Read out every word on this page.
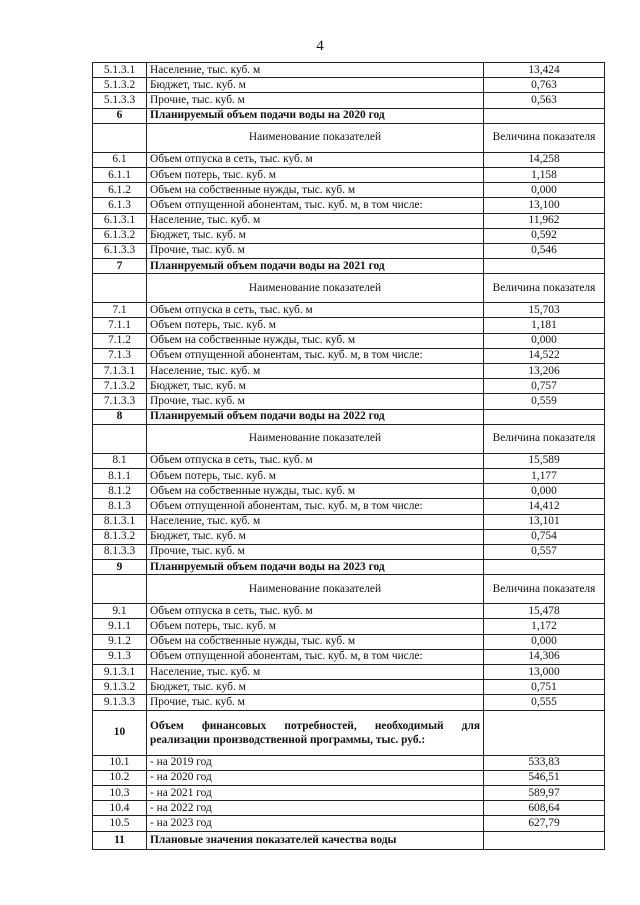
4
5.1.3.1	Население, тыс. куб. м	13,424
5.1.3.2	Бюджет, тыс. куб. м	0,763
5.1.3.3	Прочие, тыс. куб. м	0,563
6	Планируемый объем подачи воды на 2020 год	
	Наименование показателей	Величина показателя
6.1	Объем отпуска в сеть, тыс. куб. м	14,258
6.1.1	Объем потерь, тыс. куб. м	1,158
6.1.2	Объем на собственные нужды, тыс. куб. м	0,000
6.1.3	Объем отпущенной абонентам, тыс. куб. м, в том числе:	13,100
6.1.3.1	Население, тыс. куб. м	11,962
6.1.3.2	Бюджет, тыс. куб. м	0,592
6.1.3.3	Прочие, тыс. куб. м	0,546
7	Планируемый объем подачи воды на 2021 год	
	Наименование показателей	Величина показателя
7.1	Объем отпуска в сеть, тыс. куб. м	15,703
7.1.1	Объем потерь, тыс. куб. м	1,181
7.1.2	Объем на собственные нужды, тыс. куб. м	0,000
7.1.3	Объем отпущенной абонентам, тыс. куб. м, в том числе:	14,522
7.1.3.1	Население, тыс. куб. м	13,206
7.1.3.2	Бюджет, тыс. куб. м	0,757
7.1.3.3	Прочие, тыс. куб. м	0,559
8	Планируемый объем подачи воды на 2022 год	
	Наименование показателей	Величина показателя
8.1	Объем отпуска в сеть, тыс. куб. м	15,589
8.1.1	Объем потерь, тыс. куб. м	1,177
8.1.2	Объем на собственные нужды, тыс. куб. м	0,000
8.1.3	Объем отпущенной абонентам, тыс. куб. м, в том числе:	14,412
8.1.3.1	Население, тыс. куб. м	13,101
8.1.3.2	Бюджет, тыс. куб. м	0,754
8.1.3.3	Прочие, тыс. куб. м	0,557
9	Планируемый объем подачи воды на 2023 год	
	Наименование показателей	Величина показателя
9.1	Объем отпуска в сеть, тыс. куб. м	15,478
9.1.1	Объем потерь, тыс. куб. м	1,172
9.1.2	Объем на собственные нужды, тыс. куб. м	0,000
9.1.3	Объем отпущенной абонентам, тыс. куб. м, в том числе:	14,306
9.1.3.1	Население, тыс. куб. м	13,000
9.1.3.2	Бюджет, тыс. куб. м	0,751
9.1.3.3	Прочие, тыс. куб. м	0,555
10	Объем финансовых потребностей, необходимый для реализации производственной программы, тыс. руб.:	
10.1	- на 2019 год	533,83
10.2	- на 2020 год	546,51
10.3	- на 2021 год	589,97
10.4	- на 2022 год	608,64
10.5	- на 2023 год	627,79
11	Плановые значения показателей качества воды	
